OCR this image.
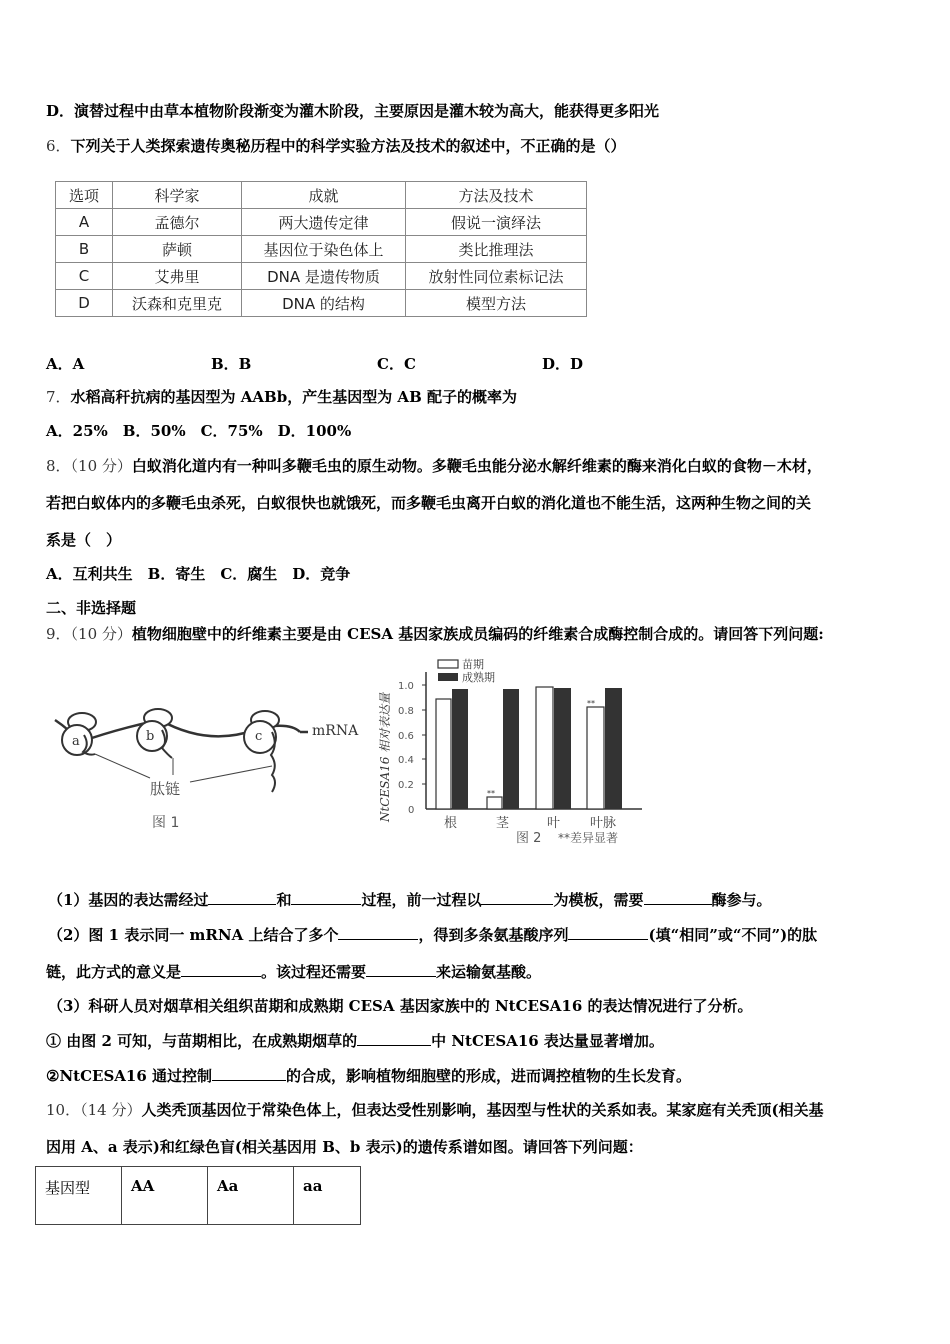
D．演替过程中由草本植物阶段渐变为灌木阶段，主要原因是灌木较为高大，能获得更多阳光
6．下列关于人类探索遗传奥秘历程中的科学实验方法及技术的叙述中，不正确的是（）
选项	科学家	成就	方法及技术
A	孟德尔	两大遗传定律	假说一演绎法
B	萨顿	基因位于染色体上	类比推理法
C	艾弗里	DNA 是遗传物质	放射性同位素标记法
D	沃森和克里克	DNA 的结构	模型方法
A．A	B．B	C．C	D．D
7．水稻高秆抗病的基因型为 AABb，产生基因型为 AB 配子的概率为
A．25%　B．50%　C．75%　D．100%
8．（10 分）白蚁消化道内有一种叫多鞭毛虫的原生动物。多鞭毛虫能分泌水解纤维素的酶来消化白蚁的食物－木材，
若把白蚁体内的多鞭毛虫杀死，白蚁很快也就饿死，而多鞭毛虫离开白蚁的消化道也不能生活，这两种生物之间的关
系是（　）
A．互利共生　B．寄生　C．腐生　D．竞争
二、非选择题
9．（10 分）植物细胞壁中的纤维素主要是由 CESA 基因家族成员编码的纤维素合成酶控制合成的。请回答下列问题:
a	b	c	mRNA
肽链
图 1
苗期
成熟期
NtCESA16 相对表达量 0
0.2
0.4
0.6
0.8
1.0
**
**
根	茎	叶 叶脉
图 2 **差异显著
（1）基因的表达需经过	和	过程，前一过程以	为模板，需要	酶参与。
（2）图 1 表示同一 mRNA 上结合了多个	，得到多条氨基酸序列	(填“相同”或“不同”)的肽
链，此方式的意义是	。该过程还需要	来运输氨基酸。
（3）科研人员对烟草相关组织苗期和成熟期 CESA 基因家族中的 NtCESA16 的表达情况进行了分析。
① 由图 2 可知，与苗期相比，在成熟期烟草的	中 NtCESA16 表达量显著增加。
②NtCESA16 通过控制	的合成，影响植物细胞壁的形成，进而调控植物的生长发育。
10．（14 分）人类秃顶基因位于常染色体上，但表达受性别影响，基因型与性状的关系如表。某家庭有关秃顶(相关基
因用 A、a 表示)和红绿色盲(相关基因用 B、b 表示)的遗传系谱如图。请回答下列问题：
基因型	AA	Aa	aa
